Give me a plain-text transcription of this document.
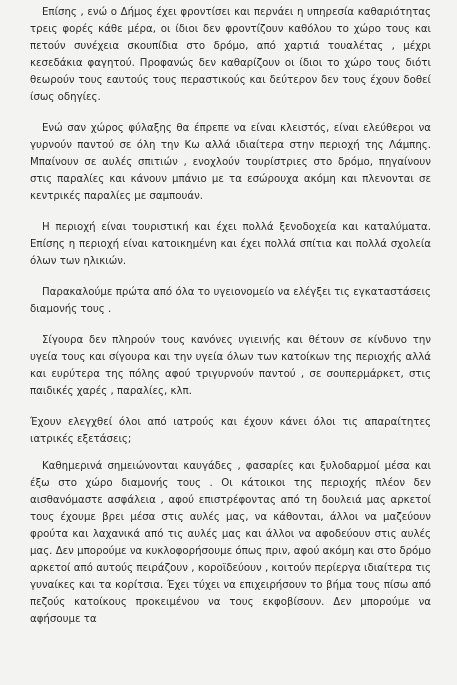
Επίσης , ενώ ο Δήμος έχει φροντίσει και περνάει η υπηρεσία καθαριότητας τρεις φορές κάθε μέρα, οι ίδιοι δεν φροντίζουν καθόλου το χώρο τους και πετούν συνέχεια σκουπίδια στο δρόμο, από χαρτιά τουαλέτας , μέχρι κεσεδάκια φαγητού. Προφανώς δεν καθαρίζουν οι ίδιοι το χώρο τους διότι θεωρούν τους εαυτούς τους περαστικούς και δεύτερον δεν τους έχουν δοθεί ίσως οδηγίες.

Ενώ σαν χώρος φύλαξης θα έπρεπε να είναι κλειστός, είναι ελεύθεροι να γυρνούν παντού σε όλη την Κω αλλά ιδιαίτερα στην περιοχή της Λάμπης. Μπαίνουν σε αυλές σπιτιών , ενοχλούν τουρίστριες στο δρόμο, πηγαίνουν στις παραλίες και κάνουν μπάνιο με τα εσώρουχα ακόμη και πλενονται σε κεντρικές παραλίες με σαμπουάν.

Η περιοχή είναι τουριστική και έχει πολλά ξενοδοχεία και καταλύματα. Επίσης η περιοχή είναι κατοικημένη και έχει πολλά σπίτια και πολλά σχολεία όλων των ηλικιών.

Παρακαλούμε πρώτα από όλα το υγειονομείο να ελέγξει τις εγκαταστάσεις διαμονής τους .

Σίγουρα δεν πληρούν τους κανόνες υγιεινής και θέτουν σε κίνδυνο την υγεία τους και σίγουρα και την υγεία όλων των κατοίκων της περιοχής αλλά και ευρύτερα της πόλης αφού τριγυρνούν παντού , σε σουπερμάρκετ, στις παιδικές χαρές , παραλίες, κλπ.

Έχουν ελεγχθεί όλοι από ιατρούς και έχουν κάνει όλοι τις απαραίτητες ιατρικές εξετάσεις;

Καθημερινά σημειώνονται καυγάδες , φασαρίες και ξυλοδαρμοί μέσα και έξω στο χώρο διαμονής τους . Οι κάτοικοι της περιοχής πλέον δεν αισθανόμαστε ασφάλεια , αφού επιστρέφοντας από τη δουλειά μας αρκετοί τους έχουμε βρει μέσα στις αυλές μας, να κάθονται, άλλοι να μαζεύουν φρούτα και λαχανικά από τις αυλές μας και άλλοι να αφοδεύουν στις αυλές μας. Δεν μπορούμε να κυκλοφορήσουμε όπως πριν, αφού ακόμη και στο δρόμο αρκετοί από αυτούς πειράζουν , κοροϊδεύουν , κοιτούν περίεργα ιδιαίτερα τις γυναίκες και τα κορίτσια. Έχει τύχει να επιχειρήσουν το βήμα τους πίσω από πεζούς κατοίκους προκειμένου να τους εκφοβίσουν. Δεν μπορούμε να αφήσουμε τα
